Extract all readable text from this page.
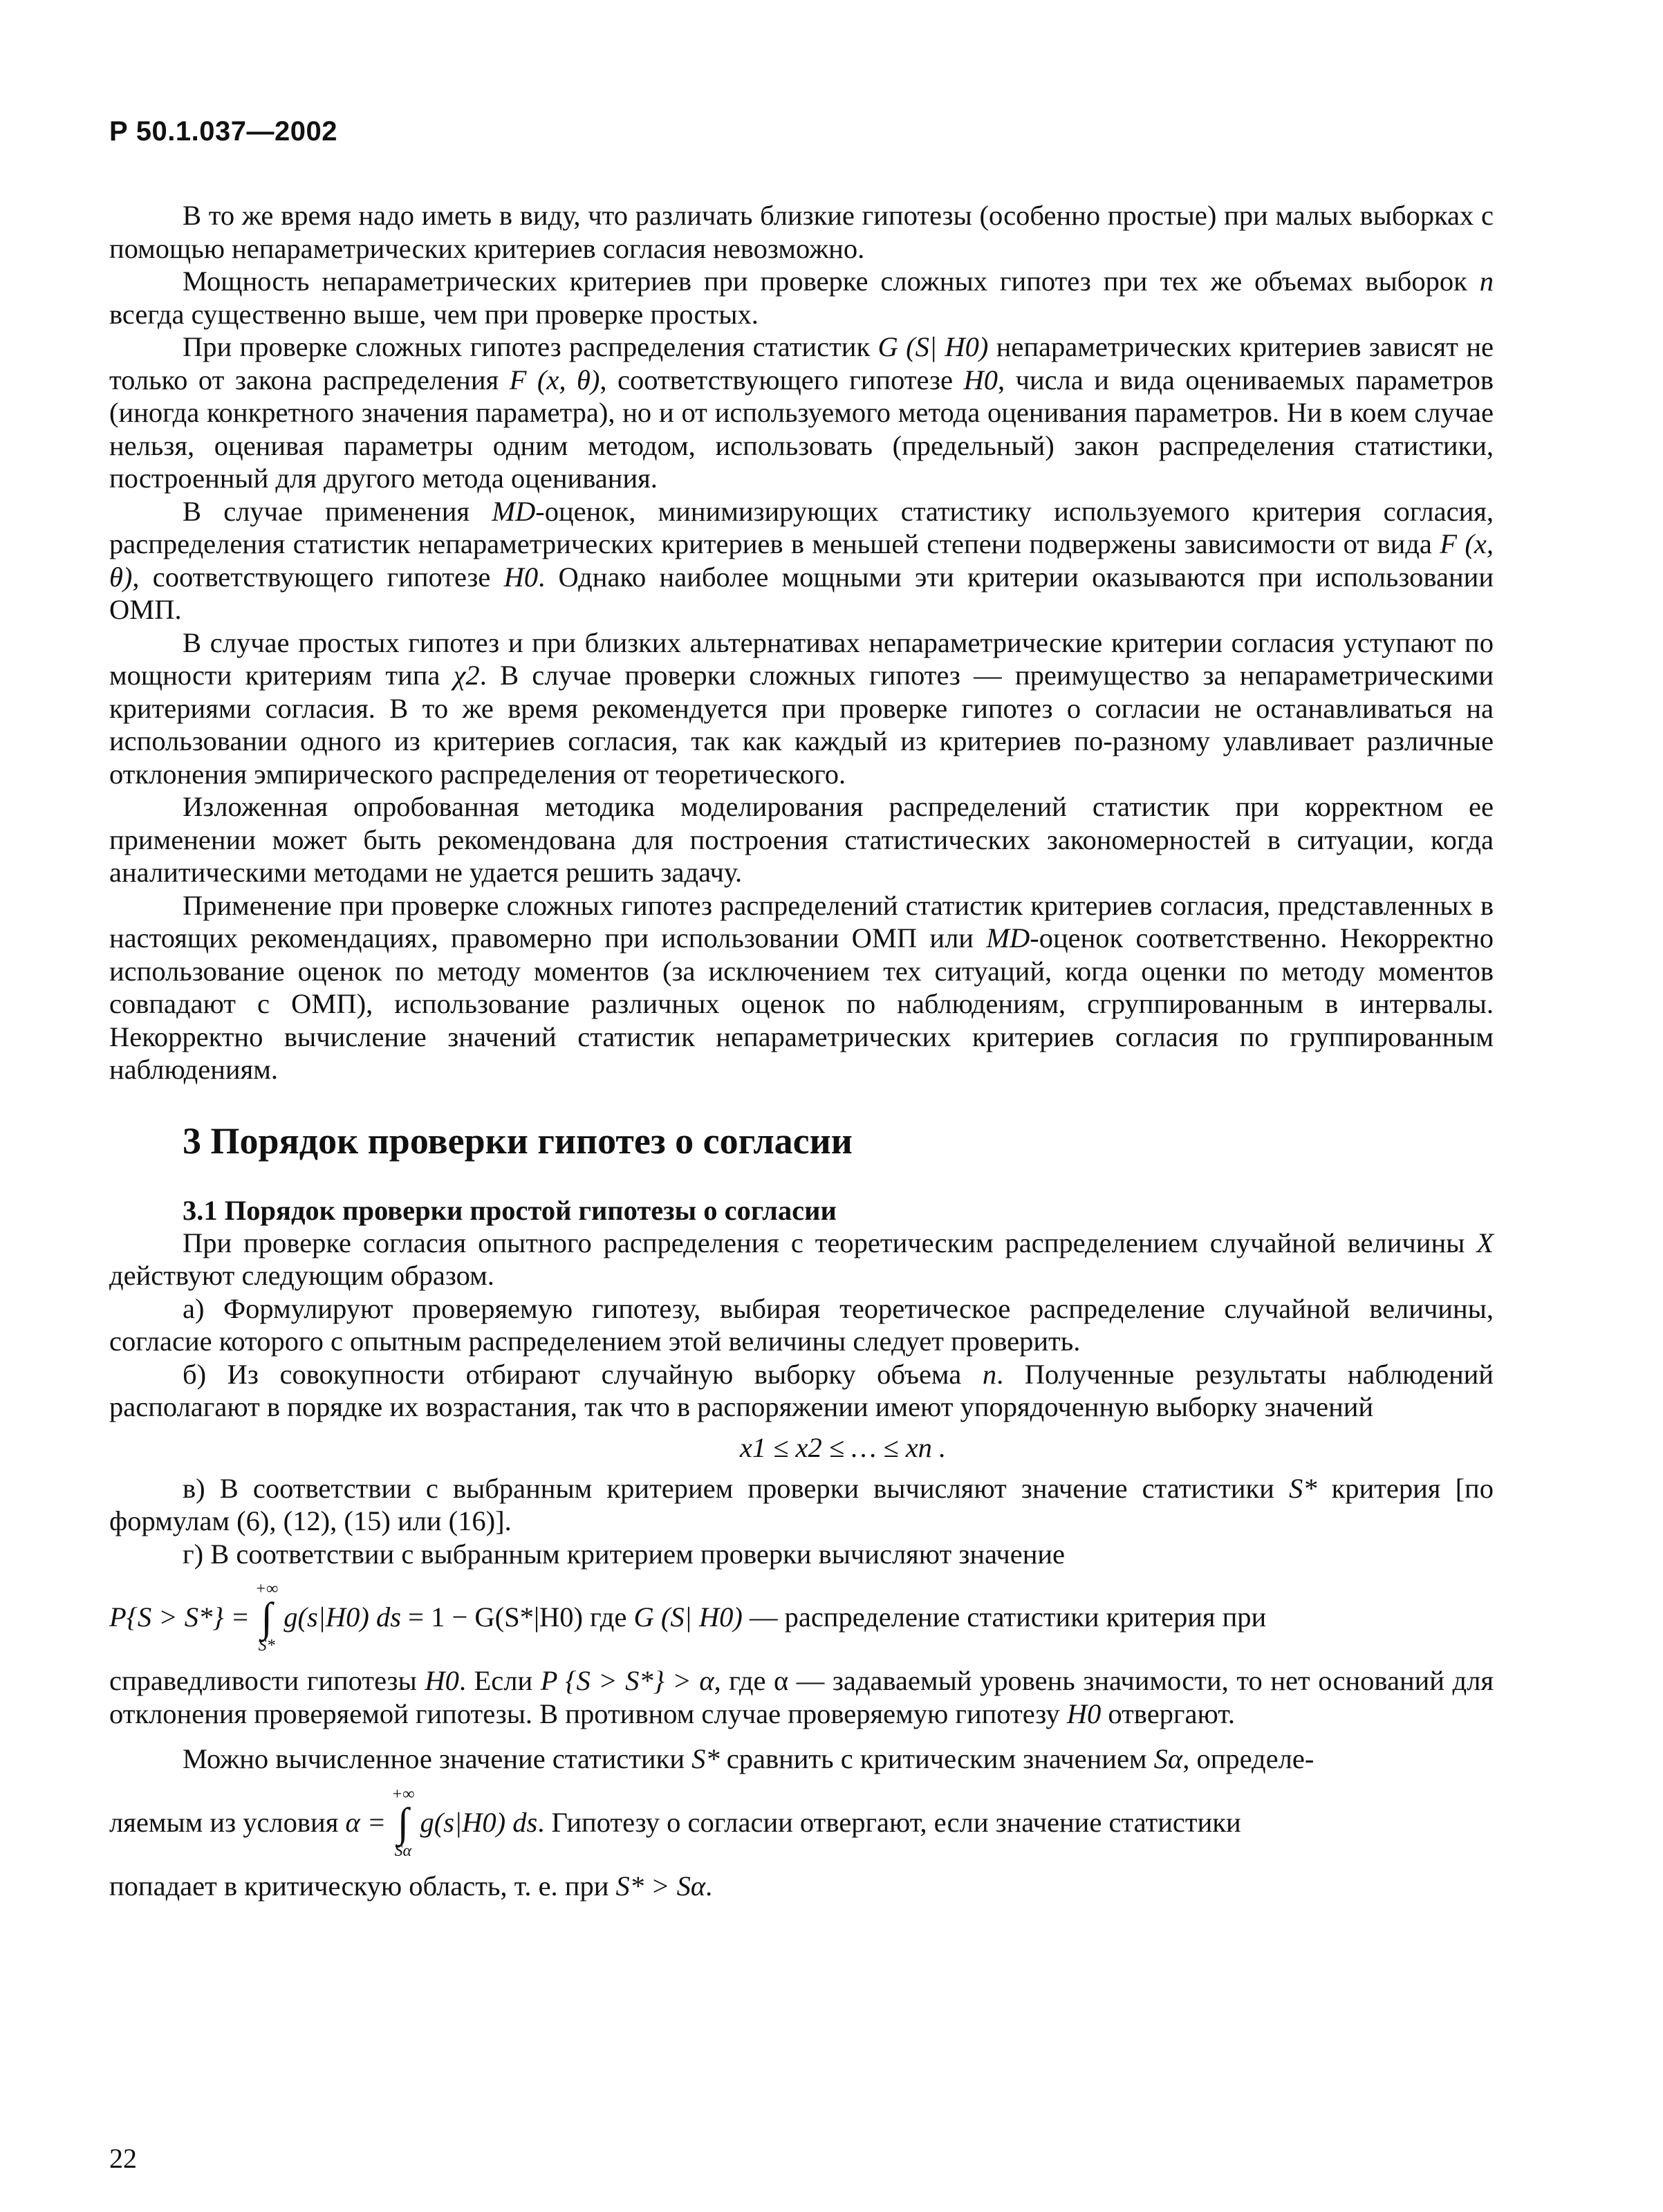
Р 50.1.037—2002

В то же время надо иметь в виду, что различать близкие гипотезы (особенно простые) при малых выборках с помощью непараметрических критериев согласия невозможно.

Мощность непараметрических критериев при проверке сложных гипотез при тех же объемах выборок n всегда существенно выше, чем при проверке простых.

При проверке сложных гипотез распределения статистик G (S| H0) непараметрических критериев зависят не только от закона распределения F (x, θ), соответствующего гипотезе H0, числа и вида оцениваемых параметров (иногда конкретного значения параметра), но и от используемого метода оценивания параметров. Ни в коем случае нельзя, оценивая параметры одним методом, использовать (предельный) закон распределения статистики, построенный для другого метода оценивания.

В случае применения MD-оценок, минимизирующих статистику используемого критерия согласия, распределения статистик непараметрических критериев в меньшей степени подвержены зависимости от вида F (x, θ), соответствующего гипотезе H0. Однако наиболее мощными эти критерии оказываются при использовании ОМП.

В случае простых гипотез и при близких альтернативах непараметрические критерии согласия уступают по мощности критериям типа χ2. В случае проверки сложных гипотез — преимущество за непараметрическими критериями согласия. В то же время рекомендуется при проверке гипотез о согласии не останавливаться на использовании одного из критериев согласия, так как каждый из критериев по-разному улавливает различные отклонения эмпирического распределения от теоретического.

Изложенная опробованная методика моделирования распределений статистик при корректном ее применении может быть рекомендована для построения статистических закономерностей в ситуации, когда аналитическими методами не удается решить задачу.

Применение при проверке сложных гипотез распределений статистик критериев согласия, представленных в настоящих рекомендациях, правомерно при использовании ОМП или MD-оценок соответственно. Некорректно использование оценок по методу моментов (за исключением тех ситуаций, когда оценки по методу моментов совпадают с ОМП), использование различных оценок по наблюдениям, сгруппированным в интервалы. Некорректно вычисление значений статистик непараметрических критериев согласия по группированным наблюдениям.

3 Порядок проверки гипотез о согласии
3.1 Порядок проверки простой гипотезы о согласии

При проверке согласия опытного распределения с теоретическим распределением случайной величины X действуют следующим образом.

а) Формулируют проверяемую гипотезу, выбирая теоретическое распределение случайной величины, согласие которого с опытным распределением этой величины следует проверить.

б) Из совокупности отбирают случайную выборку объема n. Полученные результаты наблюдений располагают в порядке их возрастания, так что в распоряжении имеют упорядоченную выборку значений

x1 ≤ x2 ≤ … ≤ xn .

в) В соответствии с выбранным критерием проверки вычисляют значение статистики S* критерия [по формулам (6), (12), (15) или (16)].

г) В соответствии с выбранным критерием проверки вычисляют значение

P{S > S*} =
+∞
∫
S*
g(s|H0) ds
= 1 − G(S*|H0) где G (S| H0) — распределение статистики критерия при

справедливости гипотезы H0. Если P {S > S*} > α, где α — задаваемый уровень значимости, то нет оснований для отклонения проверяемой гипотезы. В противном случае проверяемую гипотезу H0 отвергают.

Можно вычисленное значение статистики S* сравнить с критическим значением Sα, определе-

ляемым из условия α =
+∞
∫
Sα
g(s|H0) ds . Гипотезу о согласии отвергают, если значение статистики

попадает в критическую область, т. е. при S* > Sα.

22
